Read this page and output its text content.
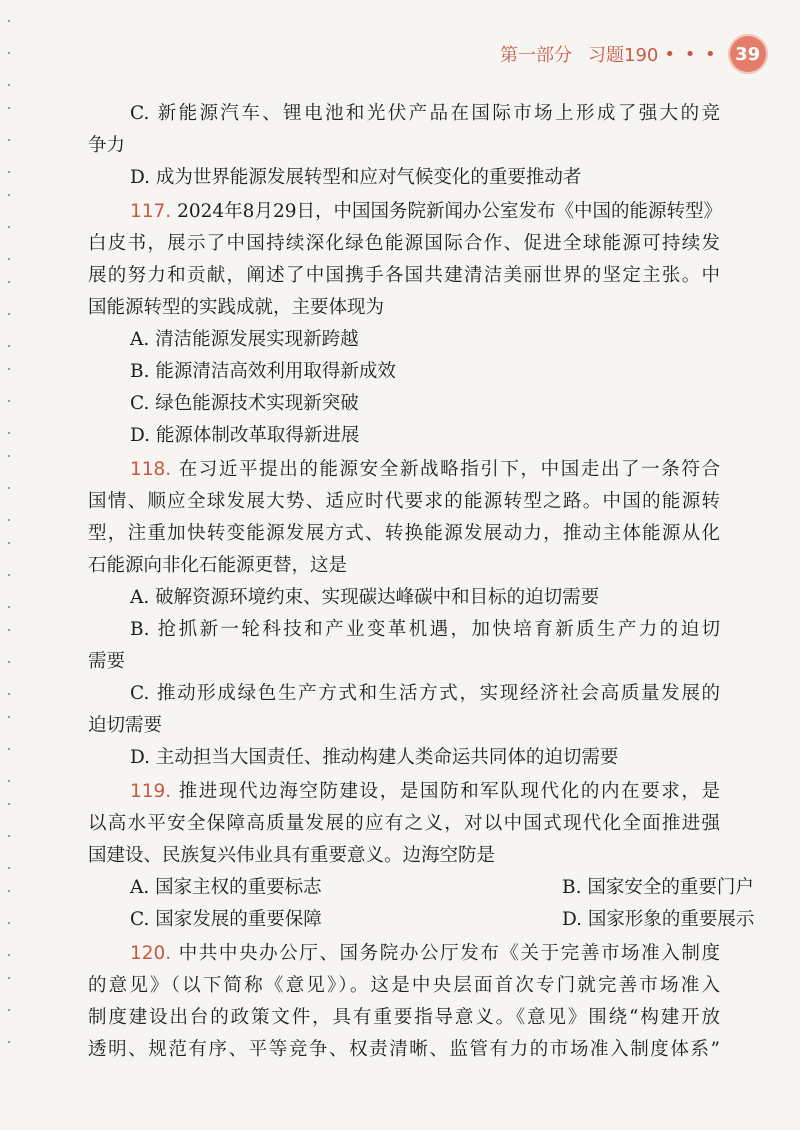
第一部分 习题190 • • • 39
C. 新能源汽车、锂电池和光伏产品在国际市场上形成了强大的竞
争力
D. 成为世界能源发展转型和应对气候变化的重要推动者
117. 2024年8月29日，中国国务院新闻办公室发布《中国的能源转型》
白皮书，展示了中国持续深化绿色能源国际合作、促进全球能源可持续发
展的努力和贡献，阐述了中国携手各国共建清洁美丽世界的坚定主张。中
国能源转型的实践成就，主要体现为
A. 清洁能源发展实现新跨越
B. 能源清洁高效利用取得新成效
C. 绿色能源技术实现新突破
D. 能源体制改革取得新进展
118. 在习近平提出的能源安全新战略指引下，中国走出了一条符合
国情、顺应全球发展大势、适应时代要求的能源转型之路。中国的能源转
型，注重加快转变能源发展方式、转换能源发展动力，推动主体能源从化
石能源向非化石能源更替，这是
A. 破解资源环境约束、实现碳达峰碳中和目标的迫切需要
B. 抢抓新一轮科技和产业变革机遇，加快培育新质生产力的迫切
需要
C. 推动形成绿色生产方式和生活方式，实现经济社会高质量发展的
迫切需要
D. 主动担当大国责任、推动构建人类命运共同体的迫切需要
119. 推进现代边海空防建设，是国防和军队现代化的内在要求，是
以高水平安全保障高质量发展的应有之义，对以中国式现代化全面推进强
国建设、民族复兴伟业具有重要意义。边海空防是
A. 国家主权的重要标志	B. 国家安全的重要门户
C. 国家发展的重要保障	D. 国家形象的重要展示
120. 中共中央办公厅、国务院办公厅发布《关于完善市场准入制度
的意见》（以下简称《意见》）。这是中央层面首次专门就完善市场准入
制度建设出台的政策文件，具有重要指导意义。《意见》围绕“构建开放
透明、规范有序、平等竞争、权责清晰、监管有力的市场准入制度体系”
